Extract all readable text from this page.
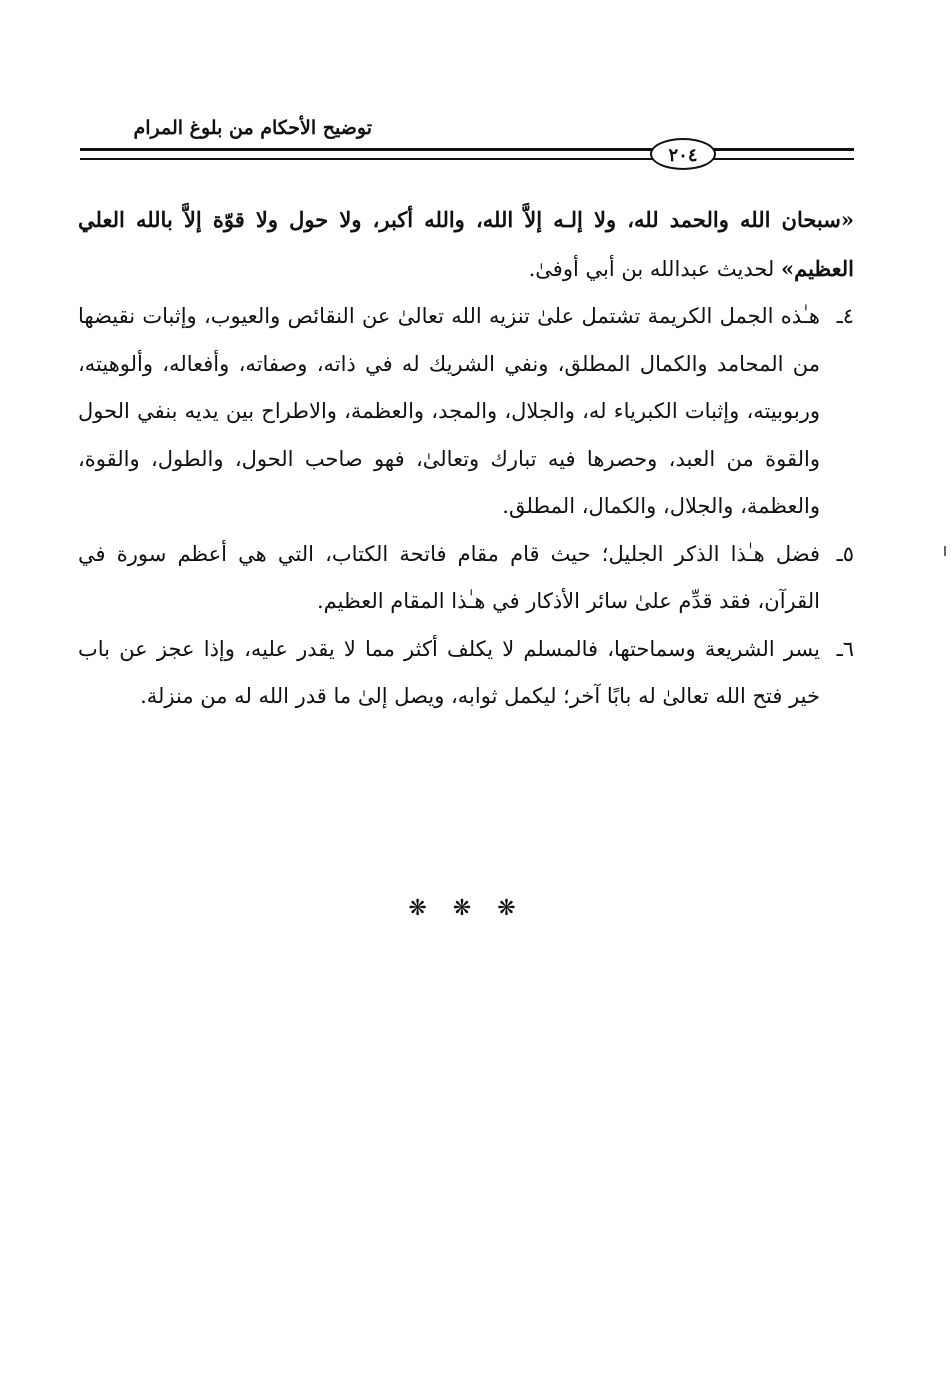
توضيح الأحكام من بلوغ المرام
٢٠٤

«سبحان الله والحمد لله، ولا إلـه إلاَّ الله، والله أكبر، ولا حول ولا قوّة إلاَّ بالله العلي العظيم» لحديث عبدالله بن أبي أوفىٰ.

٤ـ
هـٰذه الجمل الكريمة تشتمل علىٰ تنزيه الله تعالىٰ عن النقائص والعيوب، وإثبات نقيضها من المحامد والكمال المطلق، ونفي الشريك له في ذاته، وصفاته، وأفعاله، وألوهيته، وربوبيته، وإثبات الكبرياء له، والجلال، والمجد، والعظمة، والاطراح بين يديه بنفي الحول والقوة من العبد، وحصرها فيه تبارك وتعالىٰ، فهو صاحب الحول، والطول، والقوة، والعظمة، والجلال، والكمال، المطلق.

٥ـ
فضل هـٰذا الذكر الجليل؛ حيث قام مقام فاتحة الكتاب، التي هي أعظم سورة في القرآن، فقد قدِّم علىٰ سائر الأذكار في هـٰذا المقام العظيم.

٦ـ
يسر الشريعة وسماحتها، فالمسلم لا يكلف أكثر مما لا يقدر عليه، وإذا عجز عن باب خير فتح الله تعالىٰ له بابًا آخر؛ ليكمل ثوابه، ويصل إلىٰ ما قدر الله له من منزلة.

❋❋❋
